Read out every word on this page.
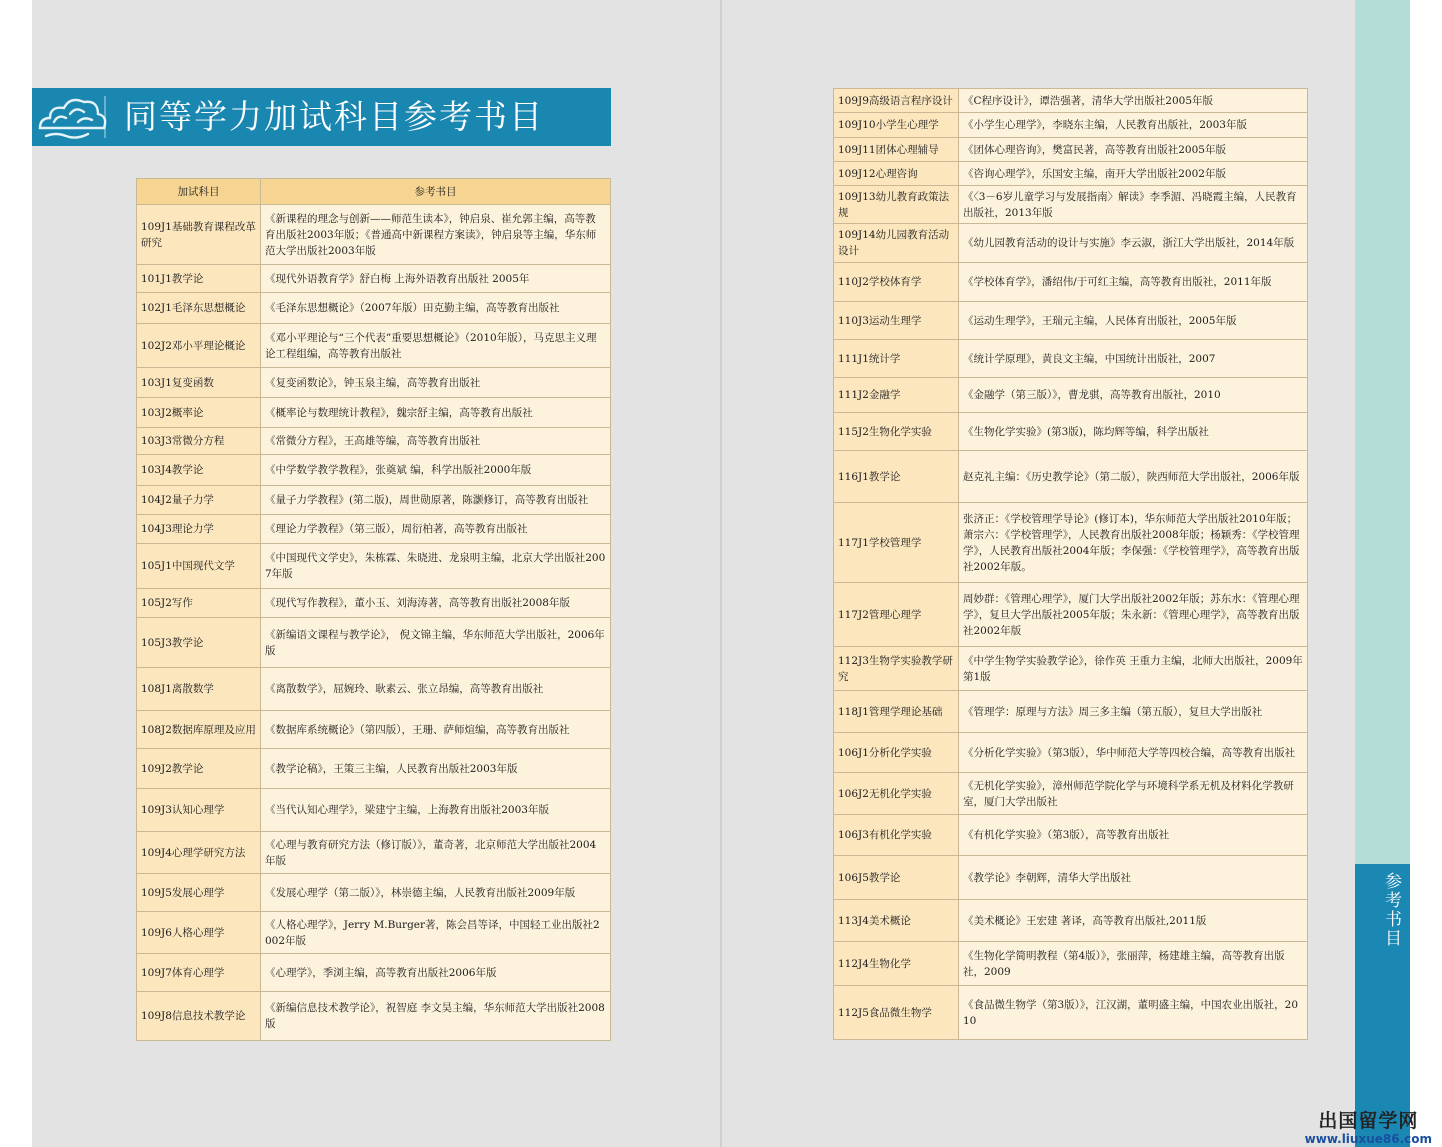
同等学力加试科目参考书目
加试科目	参考书目
109J1基础教育课程改革研究	《新课程的理念与创新——师范生读本》，钟启泉、崔允郭主编，高等教育出版社2003年版；《普通高中新课程方案读》，钟启泉等主编，华东师范大学出版社2003年版
101J1教学论	《现代外语教育学》舒白梅 上海外语教育出版社 2005年
102J1毛泽东思想概论	《毛泽东思想概论》（2007年版）田克勤主编，高等教育出版社
102J2邓小平理论概论	《邓小平理论与“三个代表”重要思想概论》（2010年版），马克思主义理论工程组编，高等教育出版社
103J1复变函数	《复变函数论》，钟玉泉主编，高等教育出版社
103J2概率论	《概率论与数理统计教程》，魏宗舒主编，高等教育出版社
103J3常微分方程	《常微分方程》，王高雄等编，高等教育出版社
103J4教学论	《中学数学教学教程》，张奠斌 编，科学出版社2000年版
104J2量子力学	《量子力学教程》(第二版)，周世勋原著，陈灏修订，高等教育出版社
104J3理论力学	《理论力学教程》（第三版），周衍柏著，高等教育出版社
105J1中国现代文学	《中国现代文学史》，朱栋霖、朱晓进、龙泉明主编，北京大学出版社2007年版
105J2写作	《现代写作教程》，董小玉、刘海涛著，高等教育出版社2008年版
105J3教学论	《新编语文课程与教学论》， 倪文锦主编，华东师范大学出版社，2006年版
108J1离散数学	《离散数学》，屈婉玲、耿素云、张立昂编，高等教育出版社
108J2数据库原理及应用	《数据库系统概论》（第四版），王珊、萨师煊编，高等教育出版社
109J2教学论	《教学论稿》，王策三主编，人民教育出版社2003年版
109J3认知心理学	《当代认知心理学》，梁建宁主编，上海教育出版社2003年版
109J4心理学研究方法	《心理与教育研究方法（修订版）》，董奇著，北京师范大学出版社2004年版
109J5发展心理学	《发展心理学（第二版）》，林崇德主编，人民教育出版社2009年版
109J6人格心理学	《人格心理学》，Jerry M.Burger著，陈会昌等译，中国轻工业出版社2002年版
109J7体育心理学	《心理学》，季浏主编，高等教育出版社2006年版
109J8信息技术教学论	《新编信息技术教学论》，祝智庭 李文昊主编，华东师范大学出版社2008版
109J9高级语言程序设计	《C程序设计》，谭浩强著，清华大学出版社2005年版
109J10小学生心理学	《小学生心理学》，李晓东主编，人民教育出版社，2003年版
109J11团体心理辅导	《团体心理咨询》，樊富民著，高等教育出版社2005年版
109J12心理咨询	《咨询心理学》，乐国安主编，南开大学出版社2002年版
109J13幼儿教育政策法规	《〈3－6岁儿童学习与发展指南〉解读》李季湄、冯晓霞主编，人民教育出版社，2013年版
109J14幼儿园教育活动设计	《幼儿园教育活动的设计与实施》李云淑，浙江大学出版社，2014年版
110J2学校体育学	《学校体育学》，潘绍伟/于可红主编，高等教育出版社，2011年版
110J3运动生理学	《运动生理学》，王瑞元主编，人民体育出版社，2005年版
111J1统计学	《统计学原理》，黄良文主编，中国统计出版社，2007
111J2金融学	《金融学（第三版）》，曹龙骐，高等教育出版社，2010
115J2生物化学实验	《生物化学实验》(第3版)，陈均辉等编，科学出版社
116J1教学论	赵克礼主编：《历史教学论》（第二版），陕西师范大学出版社，2006年版
117J1学校管理学	张济正：《学校管理学导论》(修订本)，华东师范大学出版社2010年版；萧宗六：《学校管理学》，人民教育出版社2008年版；杨颖秀：《学校管理学》，人民教育出版社2004年版；李保强：《学校管理学》，高等教育出版社2002年版。
117J2管理心理学	周妙群：《管理心理学》，厦门大学出版社2002年版；苏东水：《管理心理学》，复旦大学出版社2005年版；朱永新：《管理心理学》，高等教育出版社2002年版
112J3生物学实验教学研究	《中学生物学实验教学论》，徐作英 王重力主编，北师大出版社，2009年第1版
118J1管理学理论基础	《管理学：原理与方法》周三多主编（第五版），复旦大学出版社
106J1分析化学实验	《分析化学实验》（第3版），华中师范大学等四校合编，高等教育出版社
106J2无机化学实验	《无机化学实验》，漳州师范学院化学与环境科学系无机及材料化学教研室，厦门大学出版社
106J3有机化学实验	《有机化学实验》（第3版），高等教育出版社
106J5教学论	《教学论》李朝辉，清华大学出版社
113J4美术概论	《美术概论》王宏建 著译，高等教育出版社,2011版
112J4生物化学	《生物化学简明教程（第4版）》，张丽萍，杨建雄主编，高等教育出版社，2009
112J5食品微生物学	《食品微生物学（第3版）》，江汉湖，董明盛主编，中国农业出版社，2010
参考书目
出国留学网
www.liuxue86.com
